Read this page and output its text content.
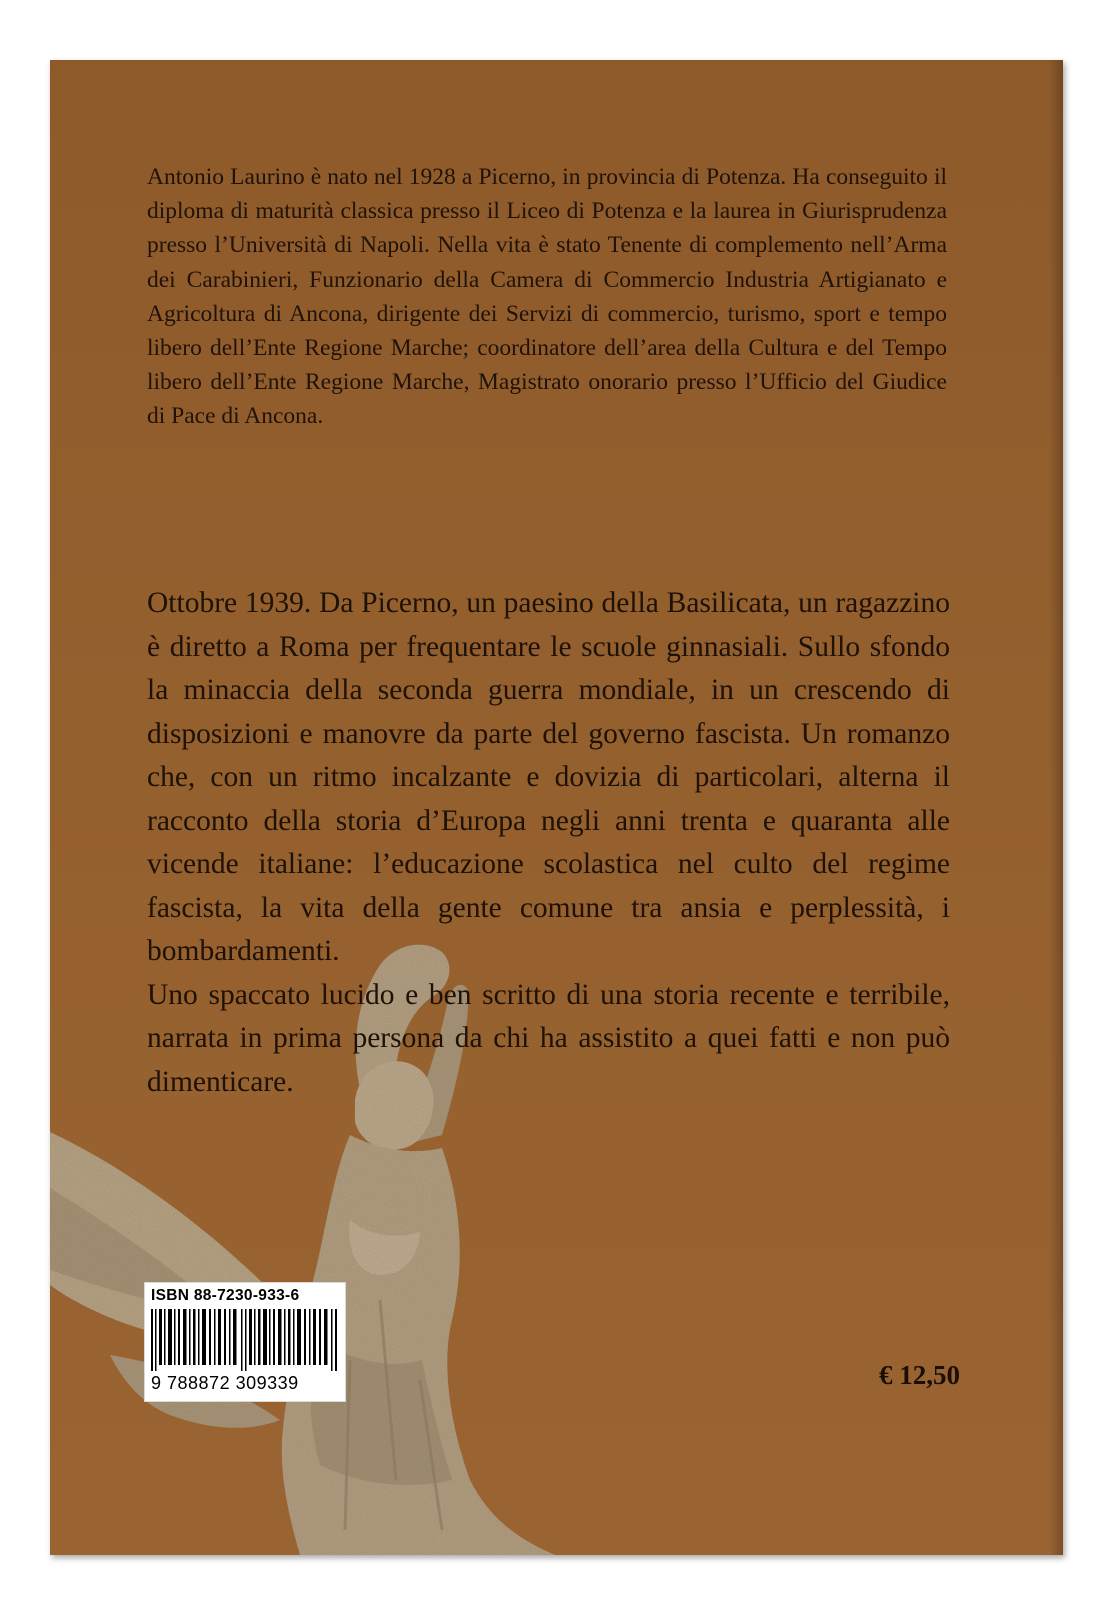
Antonio Laurino è nato nel 1928 a Picerno, in provincia di Potenza. Ha conseguito il diploma di maturità classica presso il Liceo di Potenza e la laurea in Giurisprudenza presso l’Università di Napoli. Nella vita è stato Tenente di complemento nell’Arma dei Carabinieri, Funzionario della Camera di Commercio Industria Artigianato e Agricoltura di Ancona, dirigente dei Servizi di commercio, turismo, sport e tempo libero dell’Ente Regione Marche; coordinatore dell’area della Cultura e del Tempo libero dell’Ente Regione Marche, Magistrato onorario presso l’Ufficio del Giudice di Pace di Ancona.

Ottobre 1939. Da Picerno, un paesino della Basilicata, un ragazzino è diretto a Roma per frequentare le scuole ginnasiali. Sullo sfondo la minaccia della seconda guerra mondiale, in un crescendo di disposizioni e manovre da parte del governo fascista. Un romanzo che, con un ritmo incalzante e dovizia di particolari, alterna il racconto della storia d’Europa negli anni trenta e quaranta alle vicende italiane: l’educazione scolastica nel culto del regime fascista, la vita della gente comune tra ansia e perplessità, i bombardamenti.

Uno spaccato lucido e ben scritto di una storia recente e terribile, narrata in prima persona da chi ha assistito a quei fatti e non può dimenticare.

ISBN 88-7230-933-6
9 788872 309339	€ 12,50
